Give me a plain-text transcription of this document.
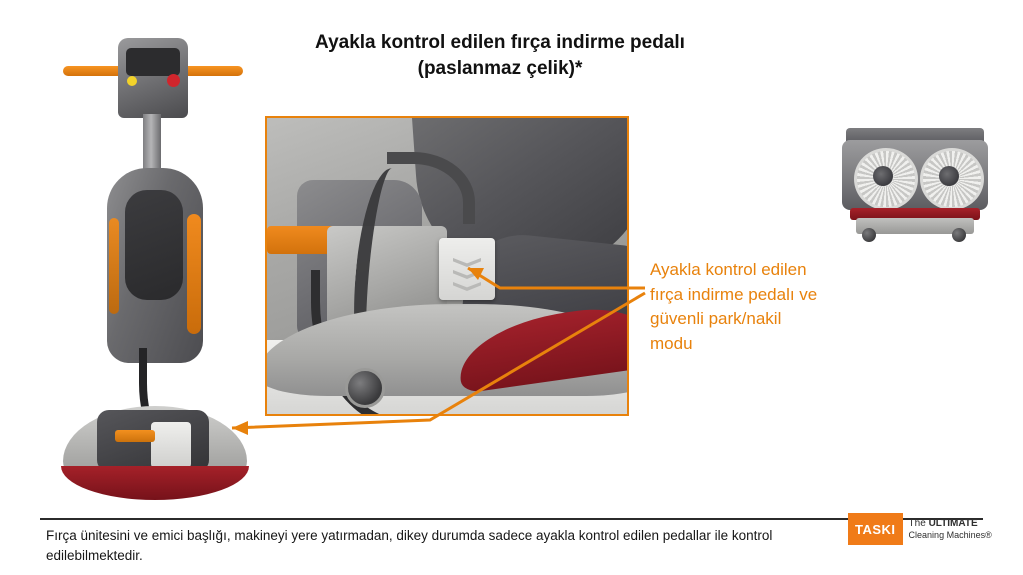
Ayakla kontrol edilen fırça indirme pedalı
(paslanmaz çelik)*
Ayakla kontrol edilen fırça indirme pedalı ve güvenli park/nakil modu
Fırça ünitesini ve emici başlığı, makineyi yere yatırmadan, dikey durumda sadece ayakla kontrol edilen pedallar ile kontrol edilebilmektedir.
TASKI	The ULTIMATE
Cleaning Machines®
